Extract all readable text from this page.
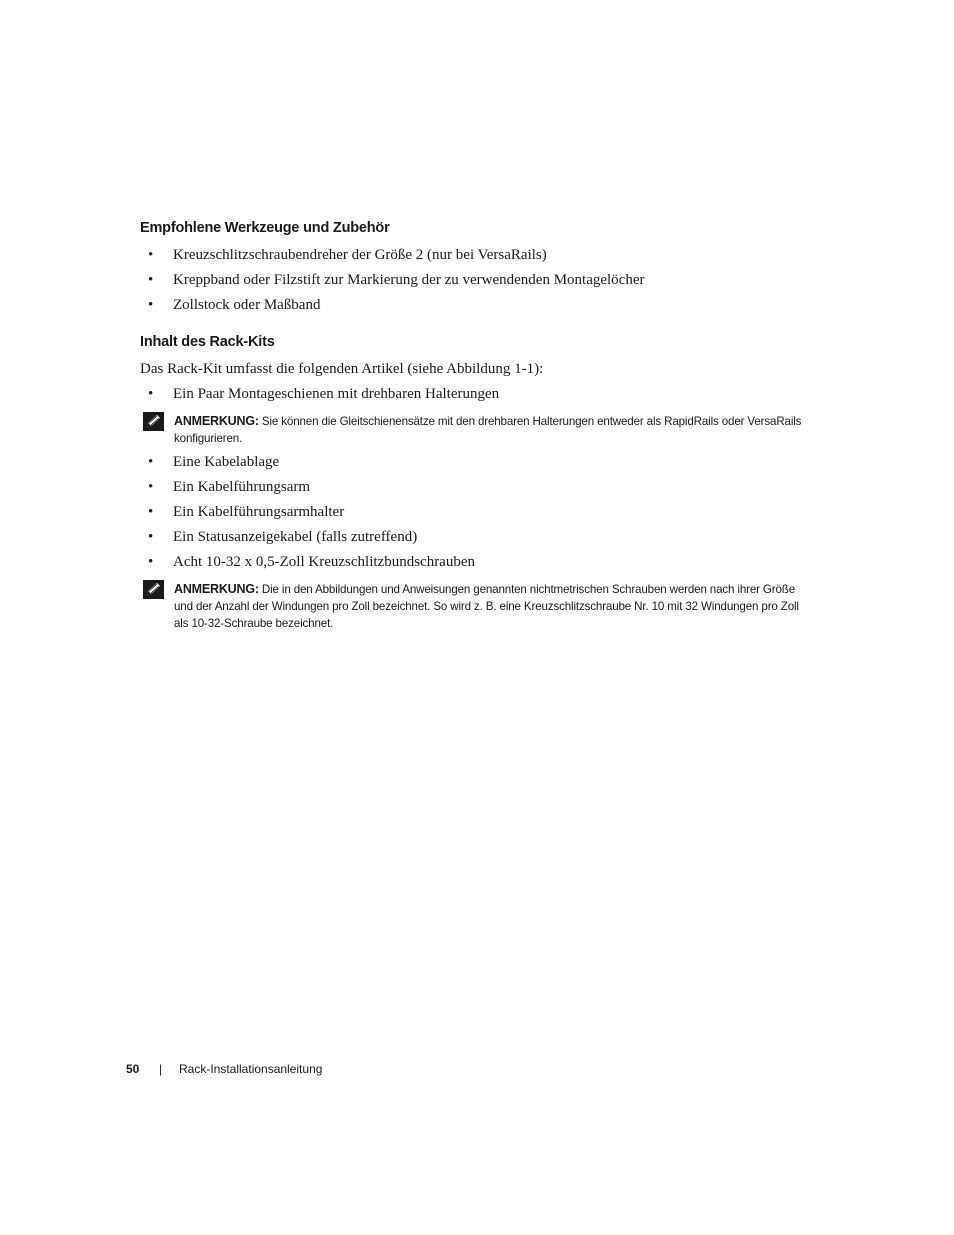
Empfohlene Werkzeuge und Zubehör
• Kreuzschlitzschraubendreher der Größe 2 (nur bei VersaRails)
• Kreppband oder Filzstift zur Markierung der zu verwendenden Montagelöcher
• Zollstock oder Maßband
Inhalt des Rack-Kits
Das Rack-Kit umfasst die folgenden Artikel (siehe Abbildung 1-1):
• Ein Paar Montageschienen mit drehbaren Halterungen
ANMERKUNG: Sie können die Gleitschienensätze mit den drehbaren Halterungen entweder als RapidRails oder VersaRails konfigurieren.
• Eine Kabelablage
• Ein Kabelführungsarm
• Ein Kabelführungsarmhalter
• Ein Statusanzeigekabel (falls zutreffend)
• Acht 10-32 x 0,5-Zoll Kreuzschlitzbundschrauben
ANMERKUNG: Die in den Abbildungen und Anweisungen genannten nichtmetrischen Schrauben werden nach ihrer Größe und der Anzahl der Windungen pro Zoll bezeichnet. So wird z. B. eine Kreuzschlitzschraube Nr. 10 mit 32 Windungen pro Zoll als 10-32-Schraube bezeichnet.
50 | Rack-Installationsanleitung
